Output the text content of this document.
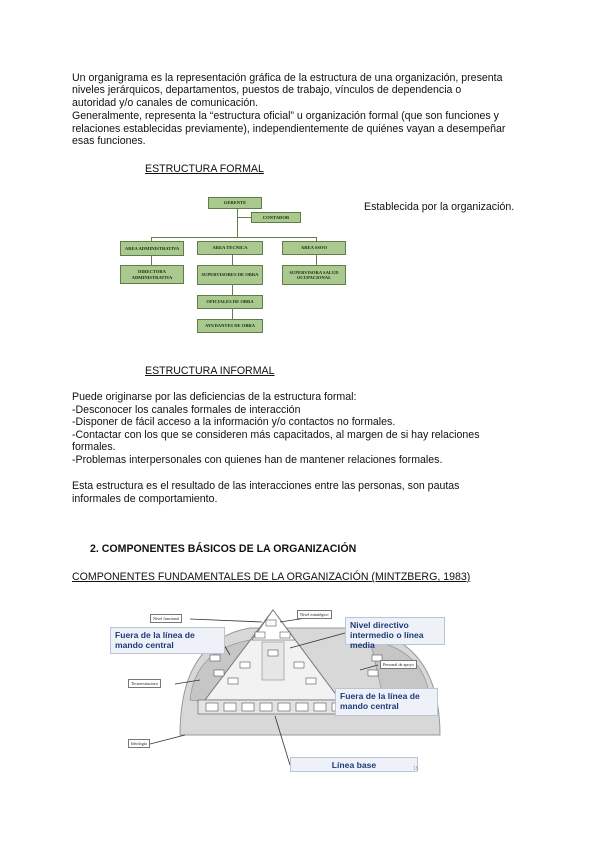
Un organigrama es la representación gráfica de la estructura de una organización, presenta
niveles jerárquicos, departamentos, puestos de trabajo, vínculos de dependencia o
autoridad y/o canales de comunicación.
Generalmente, representa la “estructura oficial” u organización formal (que son funciones y
relaciones establecidas previamente), independientemente de quiénes vayan a desempeñar
esas funciones.
ESTRUCTURA FORMAL
Establecida por la organización.
GERENTE
CONTADOR
AREA ADMINISTRATIVA	AREA TECNICA	AREA SSOO
DIRECTORA ADMINISTRATIVA	SUPERVISORES DE OBRA
SUPERVISORA SALUD OCUPACIONAL
OFICIALES DE OBRA
AYUDANTES DE OBRA
ESTRUCTURA INFORMAL
Puede originarse por las deficiencias de la estructura formal:
-Desconocer los canales formales de interacción
-Disponer de fácil acceso a la información y/o contactos no formales.
-Contactar con los que se consideren más capacitados, al margen de si hay relaciones
formales.
-Problemas interpersonales con quienes han de mantener relaciones formales.
Esta estructura es el resultado de las interacciones entre las personas, son pautas
informales de comportamiento.
2. COMPONENTES BÁSICOS DE LA ORGANIZACIÓN
COMPONENTES FUNDAMENTALES DE LA ORGANIZACIÓN (MINTZBERG, 1983)
Fuera de la línea de mando central
Nivel directivo intermedio o línea media
Fuera de la línea de mando central
Línea base
Nivel funcional
Nivel estratégico
Tecnoestructura
Personal de apoyo
Ideología
15
